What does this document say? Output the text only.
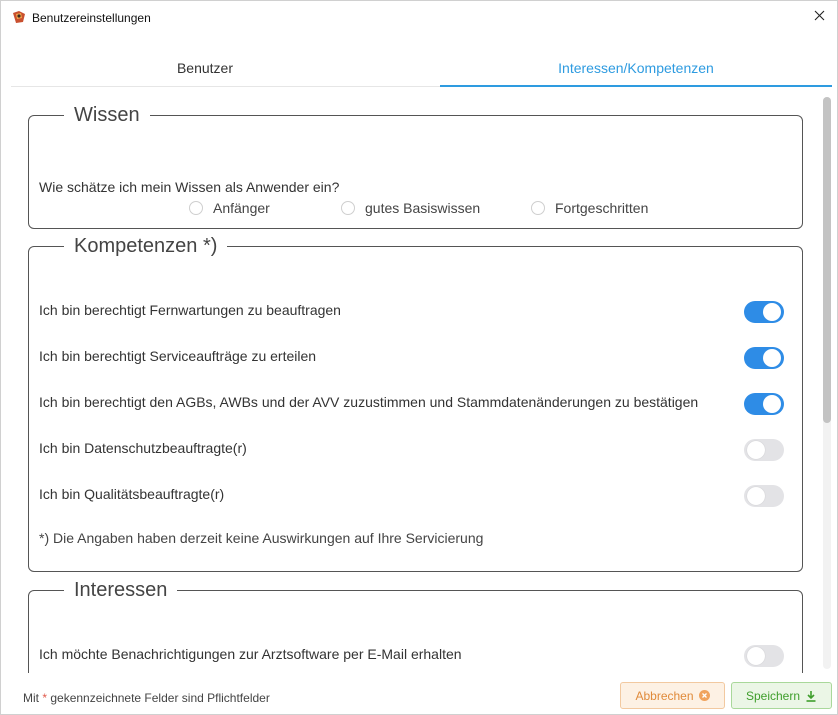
Benutzereinstellungen
Benutzer	Interessen/Kompetenzen
Wissen
Wie schätze ich mein Wissen als Anwender ein?
Anfänger	gutes Basiswissen	Fortgeschritten
Kompetenzen *)
Ich bin berechtigt Fernwartungen zu beauftragen
Ich bin berechtigt Serviceaufträge zu erteilen
Ich bin berechtigt den AGBs, AWBs und der AVV zuzustimmen und Stammdatenänderungen zu bestätigen
Ich bin Datenschutzbeauftragte(r)
Ich bin Qualitätsbeauftragte(r)
*) Die Angaben haben derzeit keine Auswirkungen auf Ihre Servicierung
Interessen
Ich möchte Benachrichtigungen zur Arztsoftware per E-Mail erhalten
Mit * gekennzeichnete Felder sind Pflichtfelder	Abbrechen	Speichern
